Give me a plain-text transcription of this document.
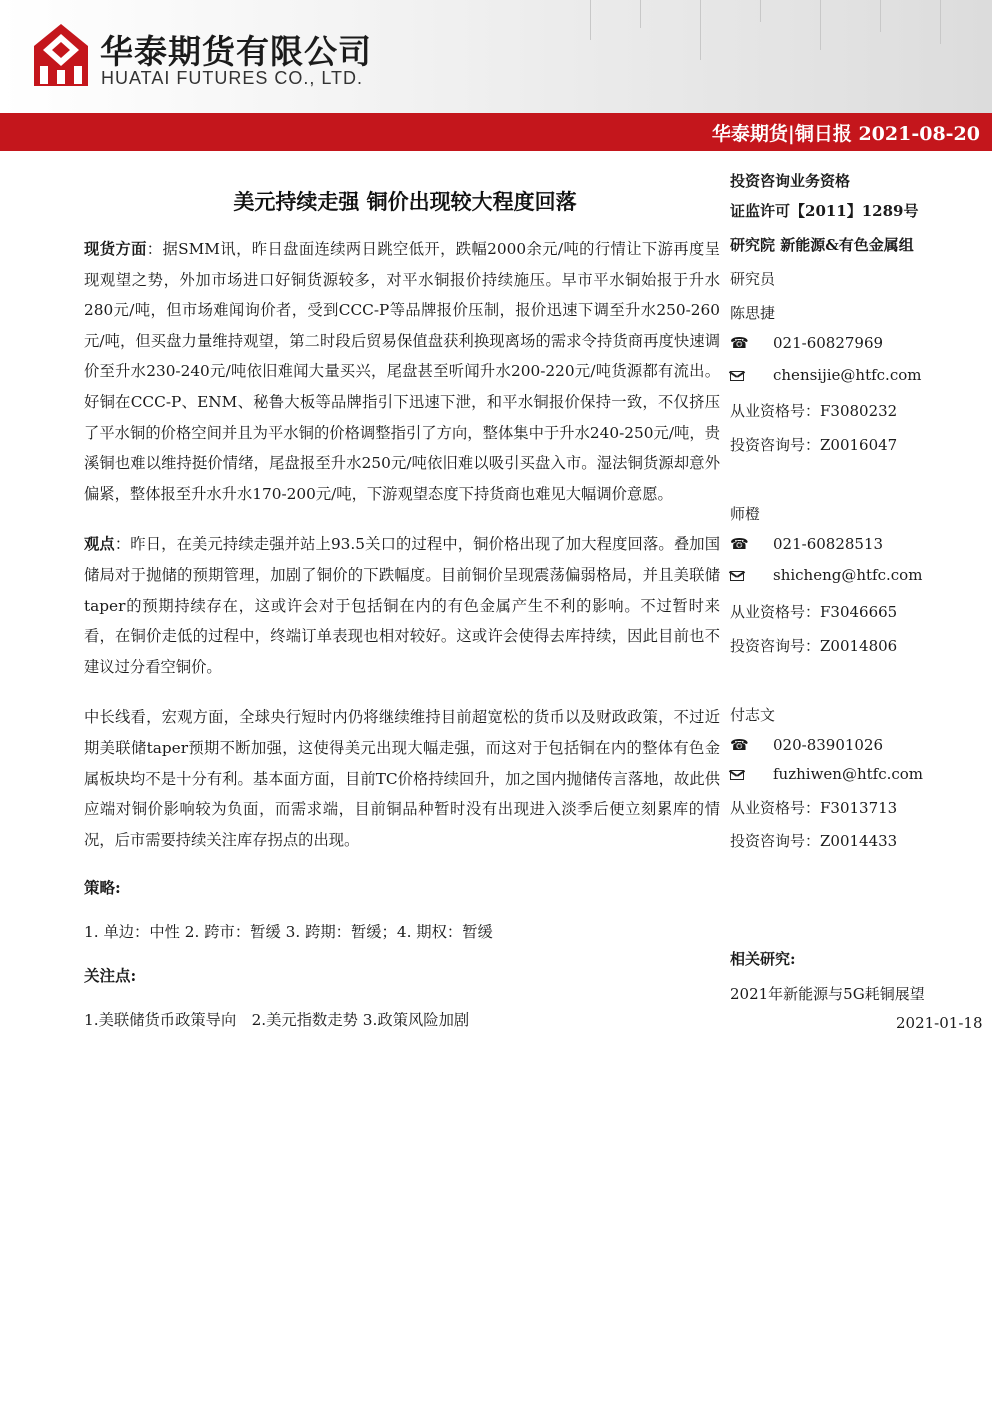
华泰期货有限公司
HUATAI FUTURES CO., LTD.
华泰期货|铜日报 2021-08-20
美元持续走强 铜价出现较大程度回落

现货方面：据SMM讯，昨日盘面连续两日跳空低开，跌幅2000余元/吨的行情让下游再度呈现观望之势，外加市场进口好铜货源较多，对平水铜报价持续施压。早市平水铜始报于升水280元/吨，但市场难闻询价者，受到CCC-P等品牌报价压制，报价迅速下调至升水250-260元/吨，但买盘力量维持观望，第二时段后贸易保值盘获利换现离场的需求令持货商再度快速调价至升水230-240元/吨依旧难闻大量买兴，尾盘甚至听闻升水200-220元/吨货源都有流出。好铜在CCC-P、ENM、秘鲁大板等品牌指引下迅速下泄，和平水铜报价保持一致，不仅挤压了平水铜的价格空间并且为平水铜的价格调整指引了方向，整体集中于升水240-250元/吨，贵溪铜也难以维持挺价情绪，尾盘报至升水250元/吨依旧难以吸引买盘入市。湿法铜货源却意外偏紧，整体报至升水升水170-200元/吨，下游观望态度下持货商也难见大幅调价意愿。

观点：昨日，在美元持续走强并站上93.5关口的过程中，铜价格出现了加大程度回落。叠加国储局对于抛储的预期管理，加剧了铜价的下跌幅度。目前铜价呈现震荡偏弱格局，并且美联储taper的预期持续存在，这或许会对于包括铜在内的有色金属产生不利的影响。不过暂时来看，在铜价走低的过程中，终端订单表现也相对较好。这或许会使得去库持续，因此目前也不建议过分看空铜价。

中长线看，宏观方面，全球央行短时内仍将继续维持目前超宽松的货币以及财政政策，不过近期美联储taper预期不断加强，这使得美元出现大幅走强，而这对于包括铜在内的整体有色金属板块均不是十分有利。基本面方面，目前TC价格持续回升，加之国内抛储传言落地，故此供应端对铜价影响较为负面，而需求端，目前铜品种暂时没有出现进入淡季后便立刻累库的情况，后市需要持续关注库存拐点的出现。

策略:

1. 单边：中性 2. 跨市：暂缓 3. 跨期：暂缓；4. 期权：暂缓

关注点:

1.美联储货币政策导向　2.美元指数走势 3.政策风险加剧

投资咨询业务资格
证监许可【2011】1289号
研究院 新能源&有色金属组
研究员
陈思捷
☎ 021-60827969
chensijie@htfc.com
从业资格号：F3080232
投资咨询号：Z0016047
师橙
☎ 021-60828513
shicheng@htfc.com
从业资格号：F3046665
投资咨询号：Z0014806
付志文
☎ 020-83901026
fuzhiwen@htfc.com
从业资格号：F3013713
投资咨询号：Z0014433
相关研究:
2021年新能源与5G耗铜展望
2021-01-18
